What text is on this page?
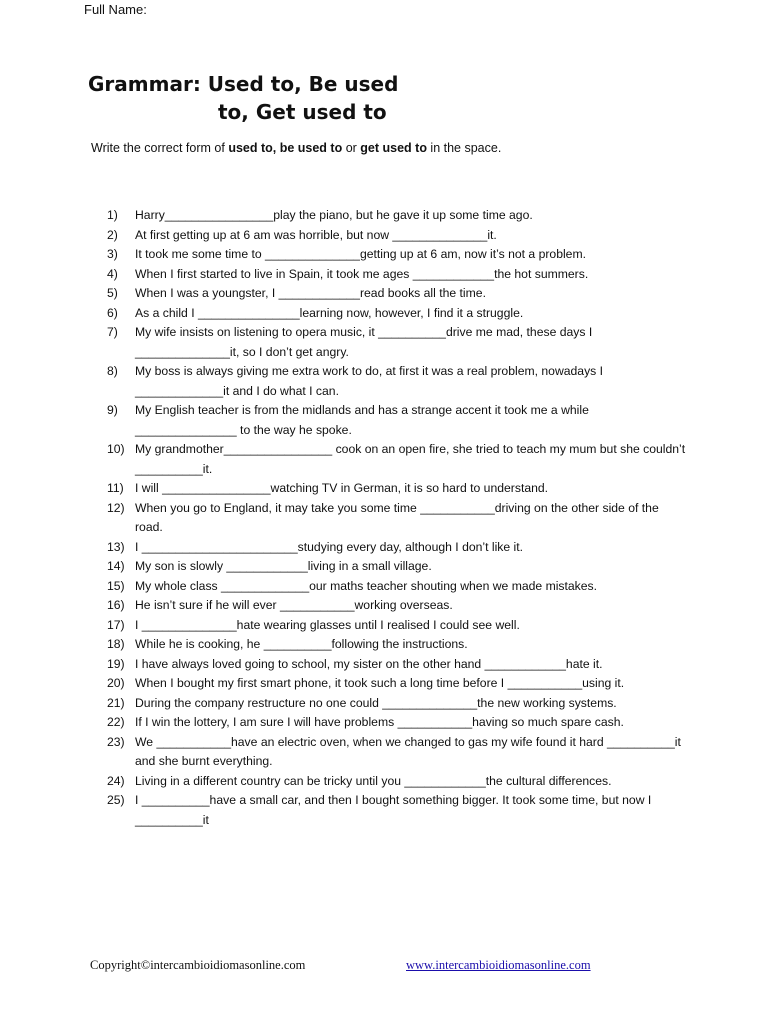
Full Name:
Grammar: Used to, Be used
to, Get used to
Write the correct form of used to, be used to or get used to in the space.
1)	Harry________________play the piano, but he gave it up some time ago.
2)	At first getting up at 6 am was horrible, but now ______________it.
3)	It took me some time to ______________getting up at 6 am, now it’s not a problem.
4)	When I first started to live in Spain, it took me ages ____________the hot summers.
5)	When I was a youngster, I ____________read books all the time.
6)	As a child I _______________learning now, however, I find it a struggle.
7)	My wife insists on listening to opera music, it __________drive me mad, these days I ______________it, so I don’t get angry.
8)	My boss is always giving me extra work to do, at first it was a real problem, nowadays I _____________it and I do what I can.
9)	My English teacher is from the midlands and has a strange accent it took me a while _______________ to the way he spoke.
10) My grandmother________________ cook on an open fire, she tried to teach my mum but she couldn’t __________it.
11) I will ________________watching TV in German, it is so hard to understand.
12) When you go to England, it may take you some time ___________driving on the other side of the road.
13) I _______________________studying every day, although I don’t like it.
14) My son is slowly ____________living in a small village.
15) My whole class _____________our maths teacher shouting when we made mistakes.
16) He isn’t sure if he will ever ___________working overseas.
17) I ______________hate wearing glasses until I realised I could see well.
18) While he is cooking, he __________following the instructions.
19) I have always loved going to school, my sister on the other hand ____________hate it.
20) When I bought my first smart phone, it took such a long time before I ___________using it.
21) During the company restructure no one could ______________the new working systems.
22) If I win the lottery, I am sure I will have problems ___________having so much spare cash.
23) We ___________have an electric oven, when we changed to gas my wife found it hard __________it and she burnt everything.
24) Living in a different country can be tricky until you ____________the cultural differences.
25) I __________have a small car, and then I bought something bigger. It took some time, but now I __________it
Copyright©intercambioidiomasonline.com	www.intercambioidiomasonline.com
